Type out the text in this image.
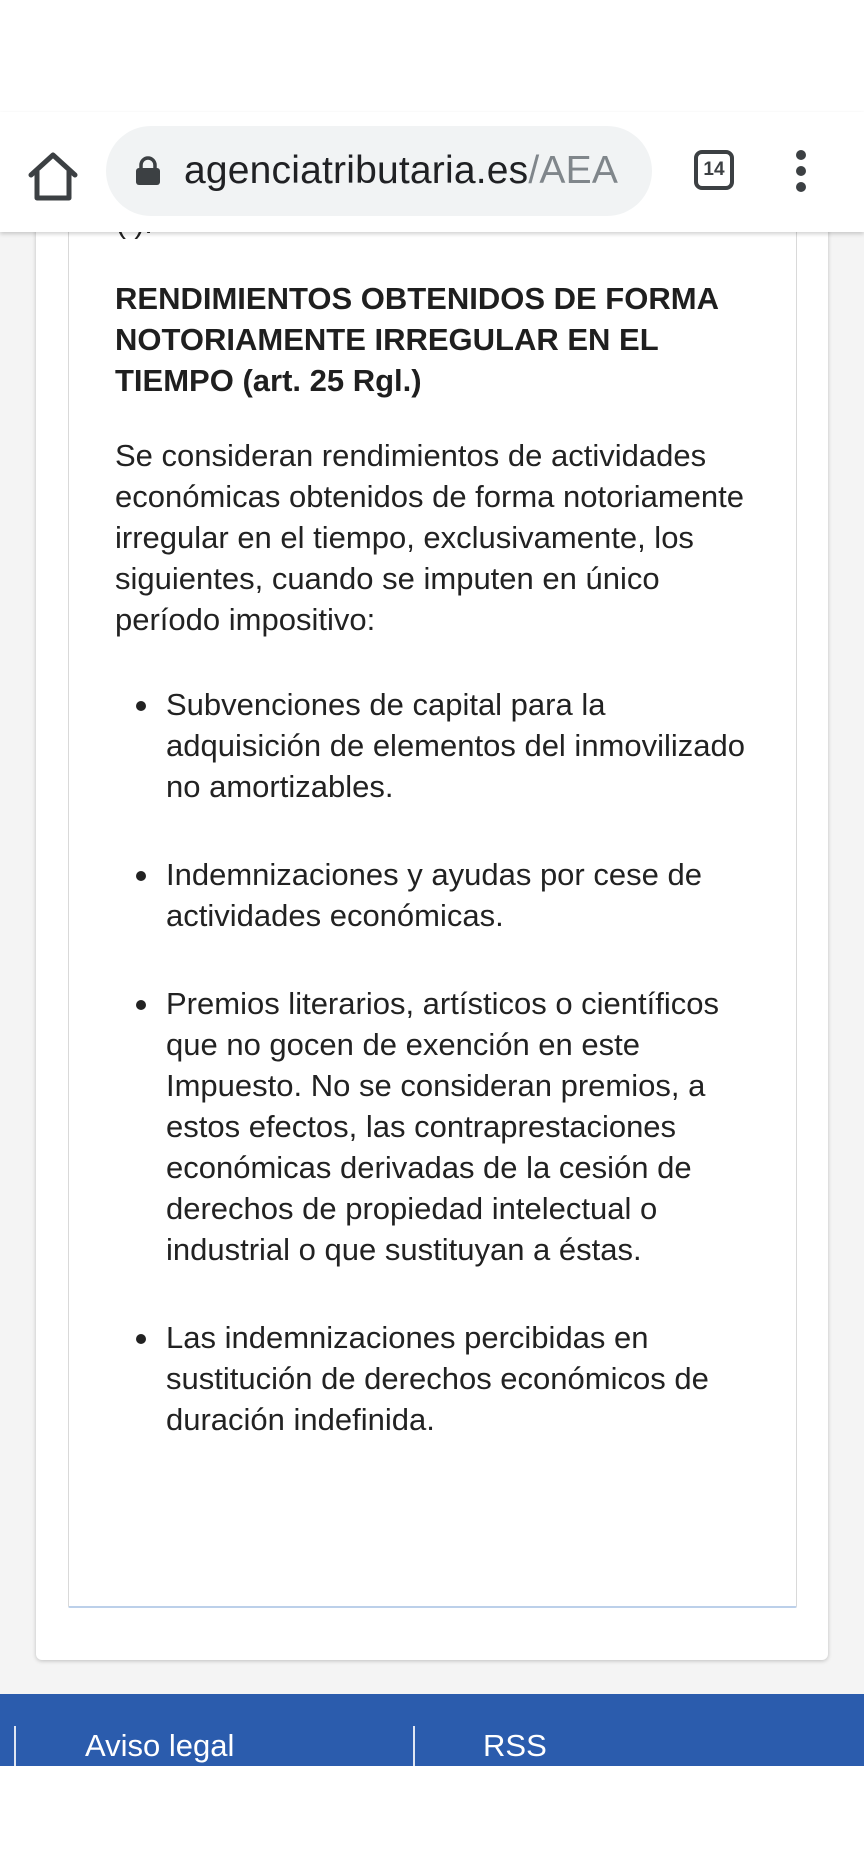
RENDIMIENTOS OBTENIDOS DE FORMA NOTORIAMENTE IRREGULAR EN EL TIEMPO (art. 25 Rgl.)

Se consideran rendimientos de actividades económicas obtenidos de forma notoriamente irregular en el tiempo, exclusivamente, los siguientes, cuando se imputen en único período impositivo:

Subvenciones de capital para la adquisición de elementos del inmovilizado no amortizables.
Indemnizaciones y ayudas por cese de actividades económicas.
Premios literarios, artísticos o científicos que no gocen de exención en este Impuesto. No se consideran premios, a estos efectos, las contraprestaciones económicas derivadas de la cesión de derechos de propiedad intelectual o industrial o que sustituyan a éstas.
Las indemnizaciones percibidas en sustitución de derechos económicos de duración indefinida.
Aviso legal	RSS
agenciatributaria.es/AEA	14
